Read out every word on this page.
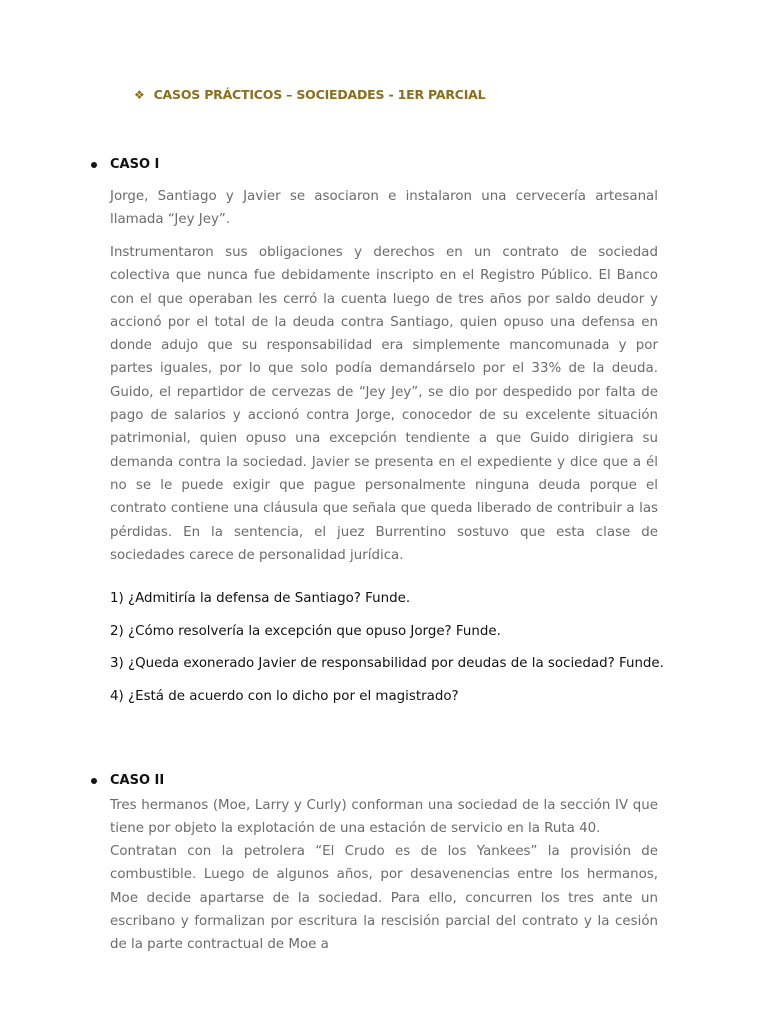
❖ CASOS PRÁCTICOS – SOCIEDADES - 1ER PARCIAL
CASO I

Jorge, Santiago y Javier se asociaron e instalaron una cervecería artesanal llamada “Jey Jey”.

Instrumentaron sus obligaciones y derechos en un contrato de sociedad colectiva que nunca fue debidamente inscripto en el Registro Público. El Banco con el que operaban les cerró la cuenta luego de tres años por saldo deudor y accionó por el total de la deuda contra Santiago, quien opuso una defensa en donde adujo que su responsabilidad era simplemente mancomunada y por partes iguales, por lo que solo podía demandárselo por el 33% de la deuda. Guido, el repartidor de cervezas de “Jey Jey”, se dio por despedido por falta de pago de salarios y accionó contra Jorge, conocedor de su excelente situación patrimonial, quien opuso una excepción tendiente a que Guido dirigiera su demanda contra la sociedad. Javier se presenta en el expediente y dice que a él no se le puede exigir que pague personalmente ninguna deuda porque el contrato contiene una cláusula que señala que queda liberado de contribuir a las pérdidas. En la sentencia, el juez Burrentino sostuvo que esta clase de sociedades carece de personalidad jurídica.

1) ¿Admitiría la defensa de Santiago? Funde.
2) ¿Cómo resolvería la excepción que opuso Jorge? Funde.
3) ¿Queda exonerado Javier de responsabilidad por deudas de la sociedad? Funde.
4) ¿Está de acuerdo con lo dicho por el magistrado?
CASO II

Tres hermanos (Moe, Larry y Curly) conforman una sociedad de la sección IV que tiene por objeto la explotación de una estación de servicio en la Ruta 40.

Contratan con la petrolera “El Crudo es de los Yankees” la provisión de combustible. Luego de algunos años, por desavenencias entre los hermanos, Moe decide apartarse de la sociedad. Para ello, concurren los tres ante un escribano y formalizan por escritura la rescisión parcial del contrato y la cesión de la parte contractual de Moe a
